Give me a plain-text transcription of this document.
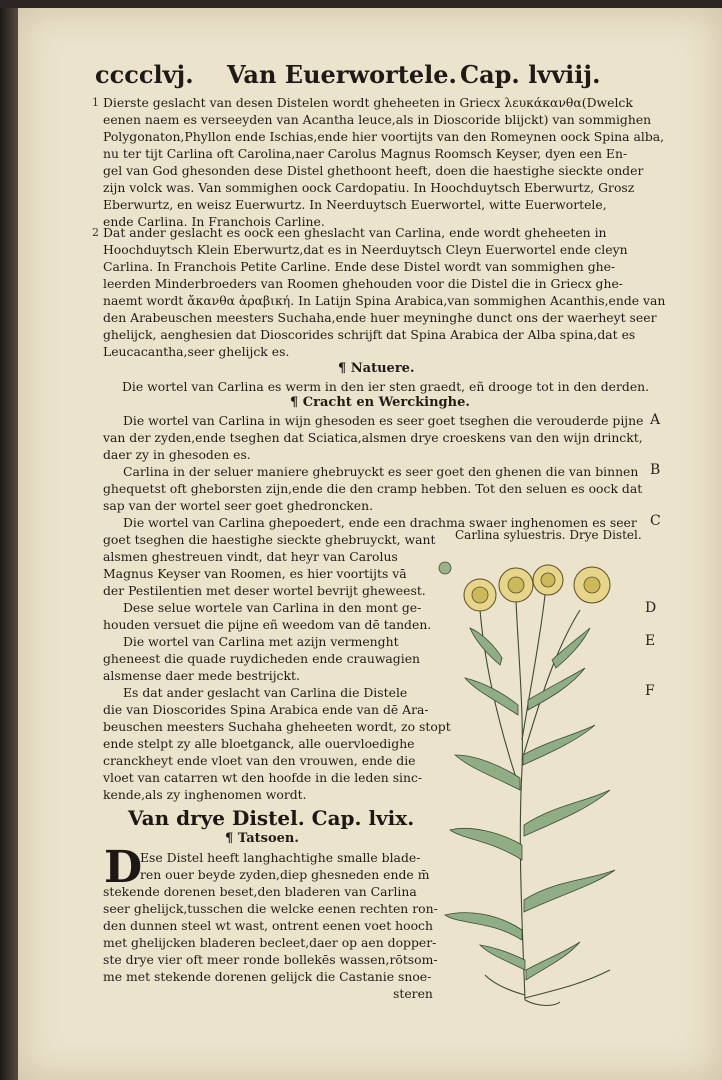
cccclvj. Van Euerwortele. Cap. lvviij.
1 Dierste geslacht van desen Distelen wordt gheheeten in Griecx λευκάκανθα(Dwelck
eenen naem es verseeyden van Acantha leuce,als in Dioscoride blijckt) van sommighen
Polygonaton,Phyllon ende Ischias,ende hier voortijts van den Romeynen oock Spina alba,
nu ter tijt Carlina oft Carolina,naer Carolus Magnus Roomsch Keyser, dyen een En-
gel van God ghesonden dese Distel ghethoont heeft, doen die haestighe sieckte onder
zijn volck was. Van sommighen oock Cardopatiu. In Hoochduytsch Eberwurtz, Grosz
Eberwurtz, en weisz Euerwurtz. In Neerduytsch Euerwortel, witte Euerwortele,
ende Carlina. In Franchois Carline.
2 Dat ander geslacht es oock een gheslacht van Carlina, ende wordt gheheeten in
Hoochduytsch Klein Eberwurtz,dat es in Neerduytsch Cleyn Euerwortel ende cleyn
Carlina. In Franchois Petite Carline. Ende dese Distel wordt van sommighen ghe-
leerden Minderbroeders van Roomen ghehouden voor die Distel die in Griecx ghe-
naemt wordt ἄκανθα ἀραβική. In Latijn Spina Arabica,van sommighen Acanthis,ende van
den Arabeuschen meesters Suchaha,ende huer meyninghe dunct ons der waerheyt seer
ghelijck, aenghesien dat Dioscorides schrijft dat Spina Arabica der Alba spina,dat es
Leucacantha,seer ghelijck es.
¶ Natuere.
Die wortel van Carlina es werm in den ier sten graedt, eñ drooge tot in den derden.
¶ Cracht en Werckinghe.
Die wortel van Carlina in wijn ghesoden es seer goet tseghen die verouderde pijne
van der zyden,ende tseghen dat Sciatica,alsmen drye croeskens van den wijn drinckt,
daer zy in ghesoden es.
Carlina in der seluer maniere ghebruyckt es seer goet den ghenen die van binnen
ghequetst oft gheborsten zijn,ende die den cramp hebben. Tot den seluen es oock dat
sap van der wortel seer goet ghedroncken.
Die wortel van Carlina ghepoedert, ende een drachma swaer inghenomen es seer
goet tseghen die haestighe sieckte ghebruyckt, want
alsmen ghestreuen vindt, dat heyr van Carolus
Magnus Keyser van Roomen, es hier voortijts vā
der Pestilentien met deser wortel bevrijt gheweest.
Dese selue wortele van Carlina in den mont ge-
houden versuet die pijne eñ weedom van dē tanden.
Die wortel van Carlina met azijn vermenght
gheneest die quade ruydicheden ende crauwagien
alsmense daer mede bestrijckt.
Es dat ander geslacht van Carlina die Distele
die van Dioscorides Spina Arabica ende van dē Ara-
beuschen meesters Suchaha gheheeten wordt, zo stopt
ende stelpt zy alle bloetganck, alle ouervloedighe
cranckheyt ende vloet van den vrouwen, ende die
vloet van catarren wt den hoofde in die leden sinc-
kende,als zy inghenomen wordt.
A
B
C
D
E
F
Carlina syluestris. Drye Distel.
Van drye Distel. Cap. lvix.
¶ Tatsoen.
D
Ese Distel heeft langhachtighe smalle blade-
ren ouer beyde zyden,diep ghesneden ende m̄
stekende dorenen beset,den bladeren van Carlina
seer ghelijck,tusschen die welcke eenen rechten ron-
den dunnen steel wt wast, ontrent eenen voet hooch
met ghelijcken bladeren becleet,daer op aen dopper-
ste drye vier oft meer ronde bollekēs wassen,rōtsom-
me met stekende dorenen gelijck die Castanie snoe-
steren
